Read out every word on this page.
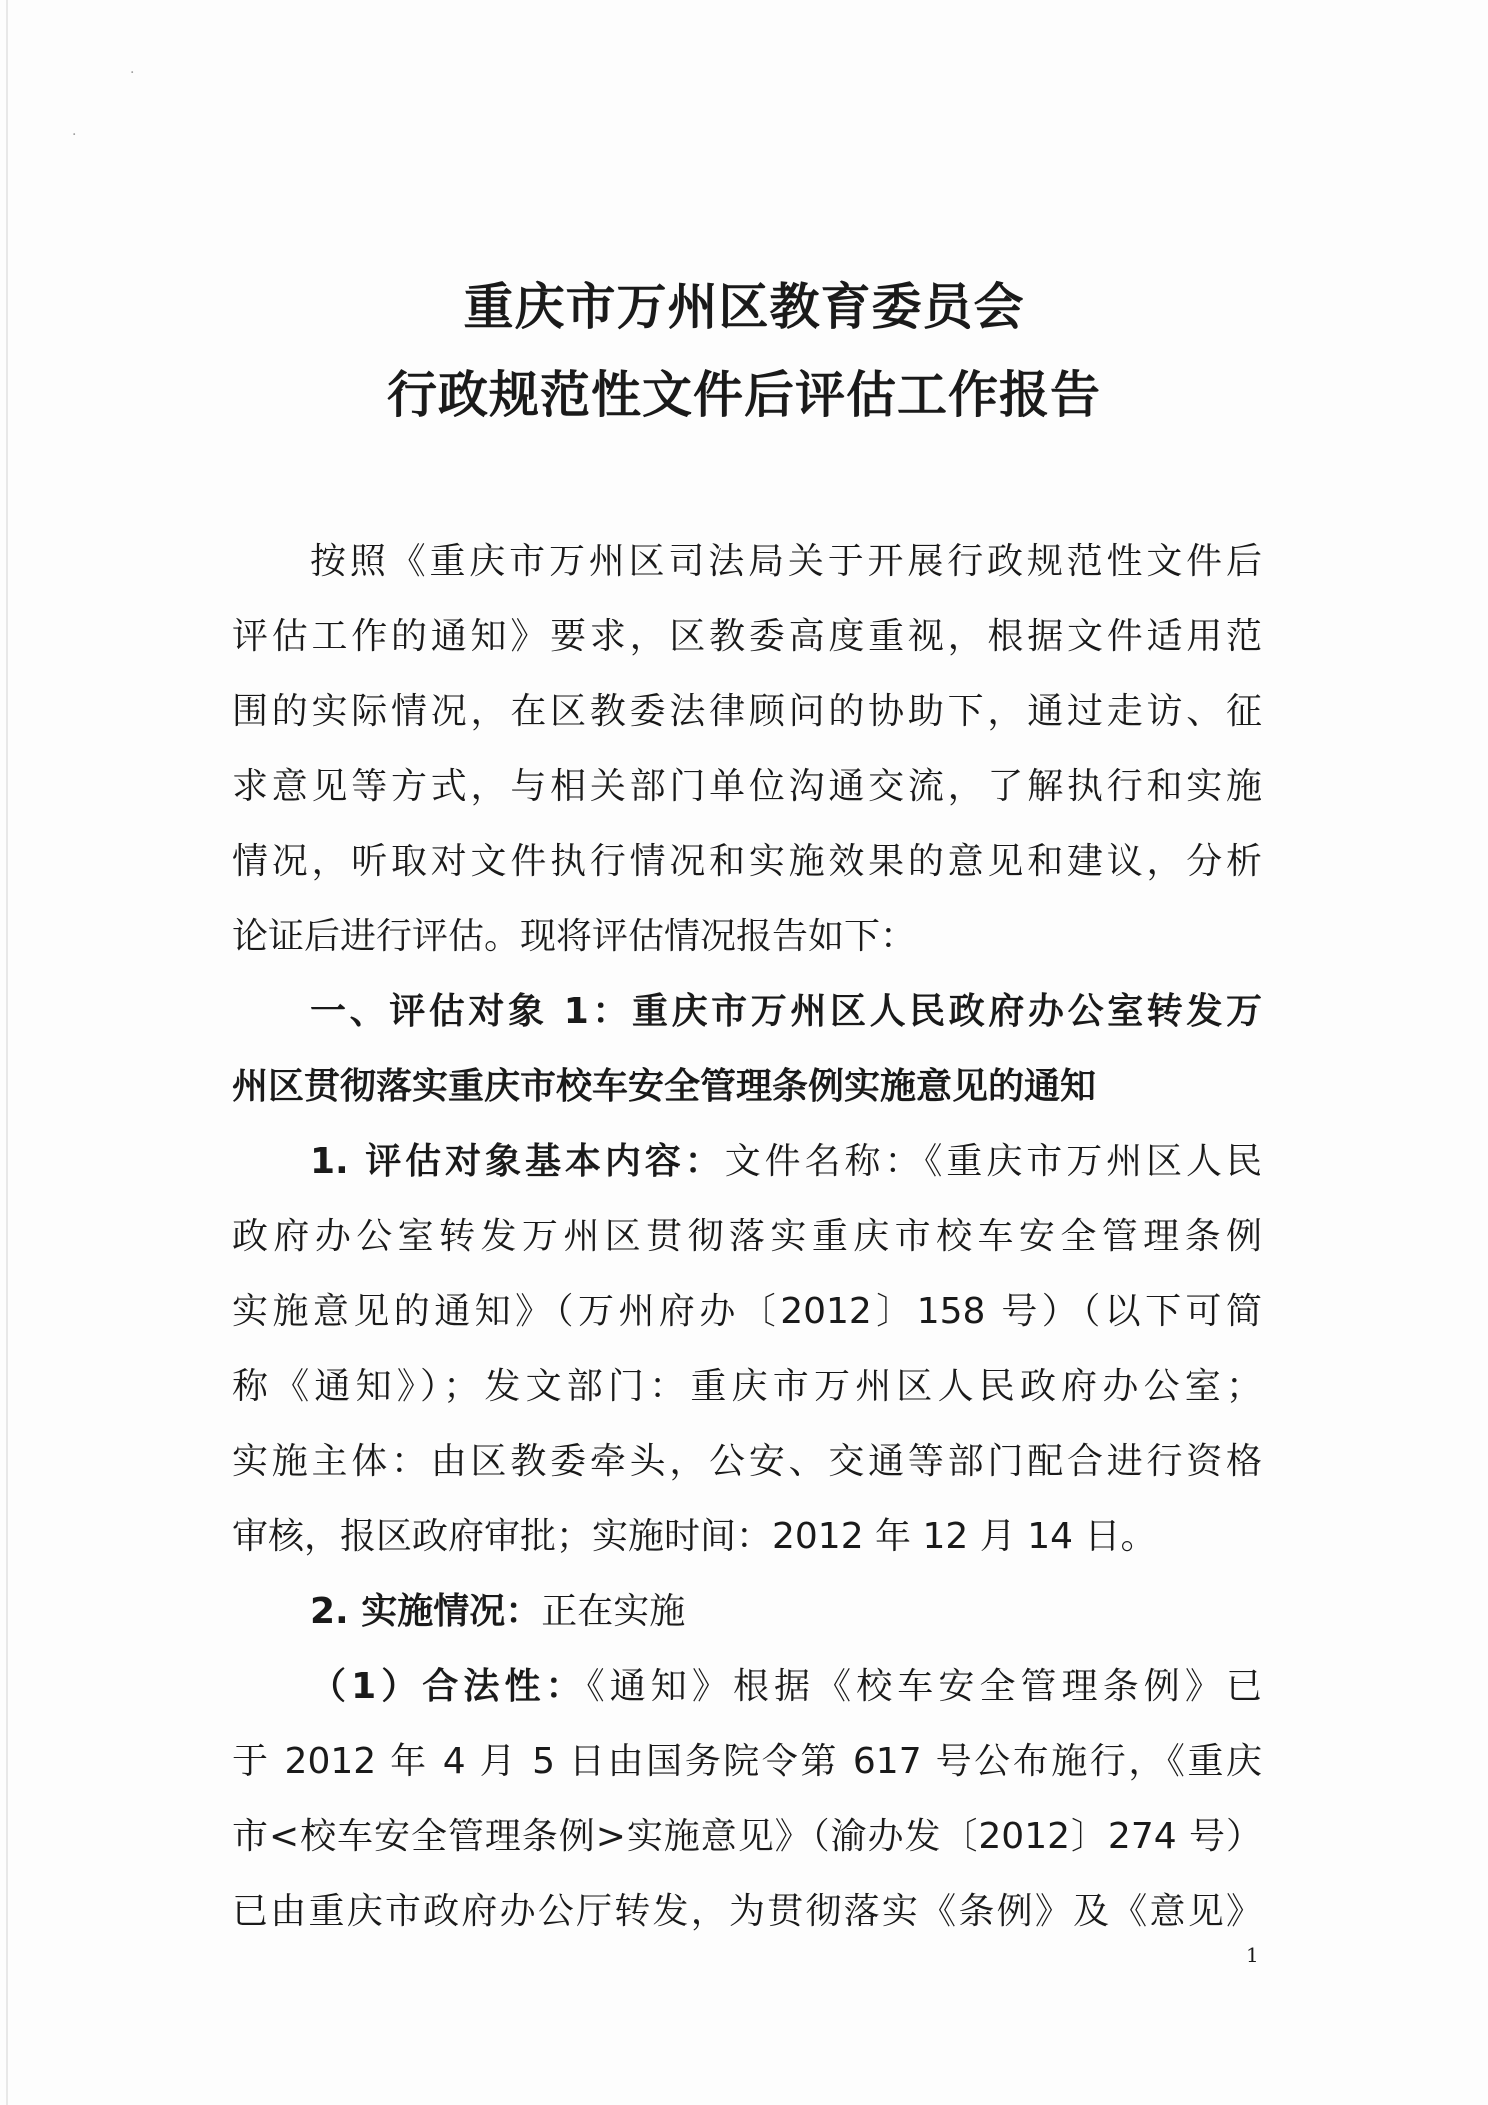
·
·
重庆市万州区教育委员会
行政规范性文件后评估工作报告
按照《重庆市万州区司法局关于开展行政规范性文件后
评估工作的通知》要求，区教委高度重视，根据文件适用范
围的实际情况，在区教委法律顾问的协助下，通过走访、征
求意见等方式，与相关部门单位沟通交流，了解执行和实施
情况，听取对文件执行情况和实施效果的意见和建议，分析
论证后进行评估。现将评估情况报告如下：
一、评估对象 1：重庆市万州区人民政府办公室转发万
州区贯彻落实重庆市校车安全管理条例实施意见的通知
1. 评估对象基本内容：文件名称：《重庆市万州区人民
政府办公室转发万州区贯彻落实重庆市校车安全管理条例
实施意见的通知》（万州府办〔2012〕158 号）（以下可简
称《通知》）；发文部门：重庆市万州区人民政府办公室；
实施主体：由区教委牵头，公安、交通等部门配合进行资格
审核，报区政府审批；实施时间：2012 年 12 月 14 日。
2. 实施情况：正在实施
（1）合法性：《通知》根据《校车安全管理条例》已
于 2012 年 4 月 5 日由国务院令第 617 号公布施行，《重庆
市<校车安全管理条例>实施意见》（渝办发〔2012〕274 号）
已由重庆市政府办公厅转发，为贯彻落实《条例》及《意见》
1
